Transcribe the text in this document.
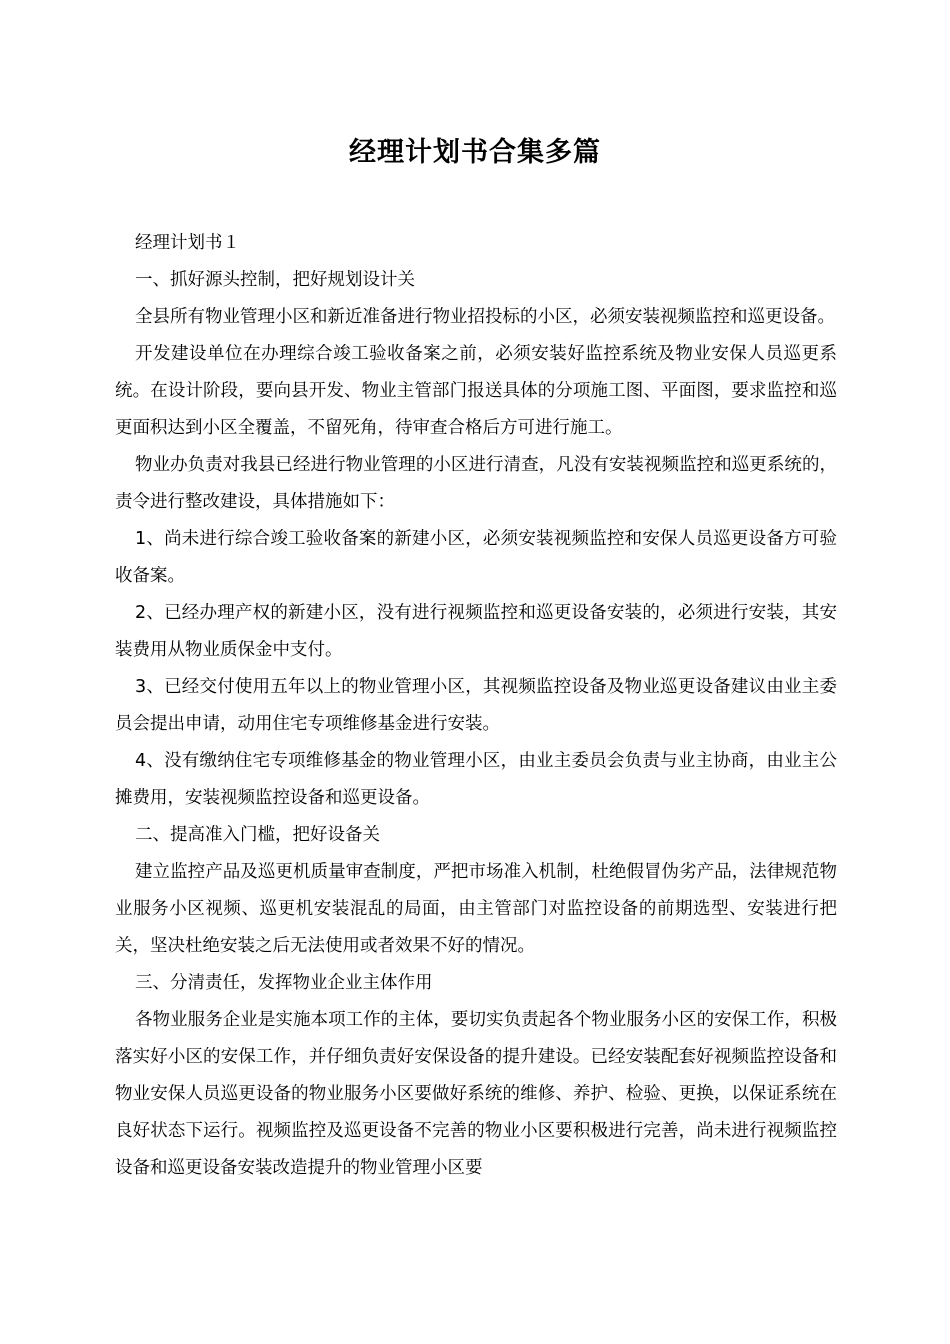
经理计划书合集多篇

经理计划书１

一、抓好源头控制，把好规划设计关

全县所有物业管理小区和新近准备进行物业招投标的小区，必须安装视频监控和巡更设备。

开发建设单位在办理综合竣工验收备案之前，必须安装好监控系统及物业安保人员巡更系统。在设计阶段，要向县开发、物业主管部门报送具体的分项施工图、平面图，要求监控和巡更面积达到小区全覆盖，不留死角，待审查合格后方可进行施工。

物业办负责对我县已经进行物业管理的小区进行清查，凡没有安装视频监控和巡更系统的，责令进行整改建设，具体措施如下：

1、尚未进行综合竣工验收备案的新建小区，必须安装视频监控和安保人员巡更设备方可验收备案。

2、已经办理产权的新建小区，没有进行视频监控和巡更设备安装的，必须进行安装，其安装费用从物业质保金中支付。

3、已经交付使用五年以上的物业管理小区，其视频监控设备及物业巡更设备建议由业主委员会提出申请，动用住宅专项维修基金进行安装。

4、没有缴纳住宅专项维修基金的物业管理小区，由业主委员会负责与业主协商，由业主公摊费用，安装视频监控设备和巡更设备。

二、提高准入门槛，把好设备关

建立监控产品及巡更机质量审查制度，严把市场准入机制，杜绝假冒伪劣产品，法律规范物业服务小区视频、巡更机安装混乱的局面，由主管部门对监控设备的前期选型、安装进行把关，坚决杜绝安装之后无法使用或者效果不好的情况。

三、分清责任，发挥物业企业主体作用

各物业服务企业是实施本项工作的主体，要切实负责起各个物业服务小区的安保工作，积极落实好小区的安保工作，并仔细负责好安保设备的提升建设。已经安装配套好视频监控设备和物业安保人员巡更设备的物业服务小区要做好系统的维修、养护、检验、更换，以保证系统在良好状态下运行。视频监控及巡更设备不完善的物业小区要积极进行完善，尚未进行视频监控设备和巡更设备安装改造提升的物业管理小区要
